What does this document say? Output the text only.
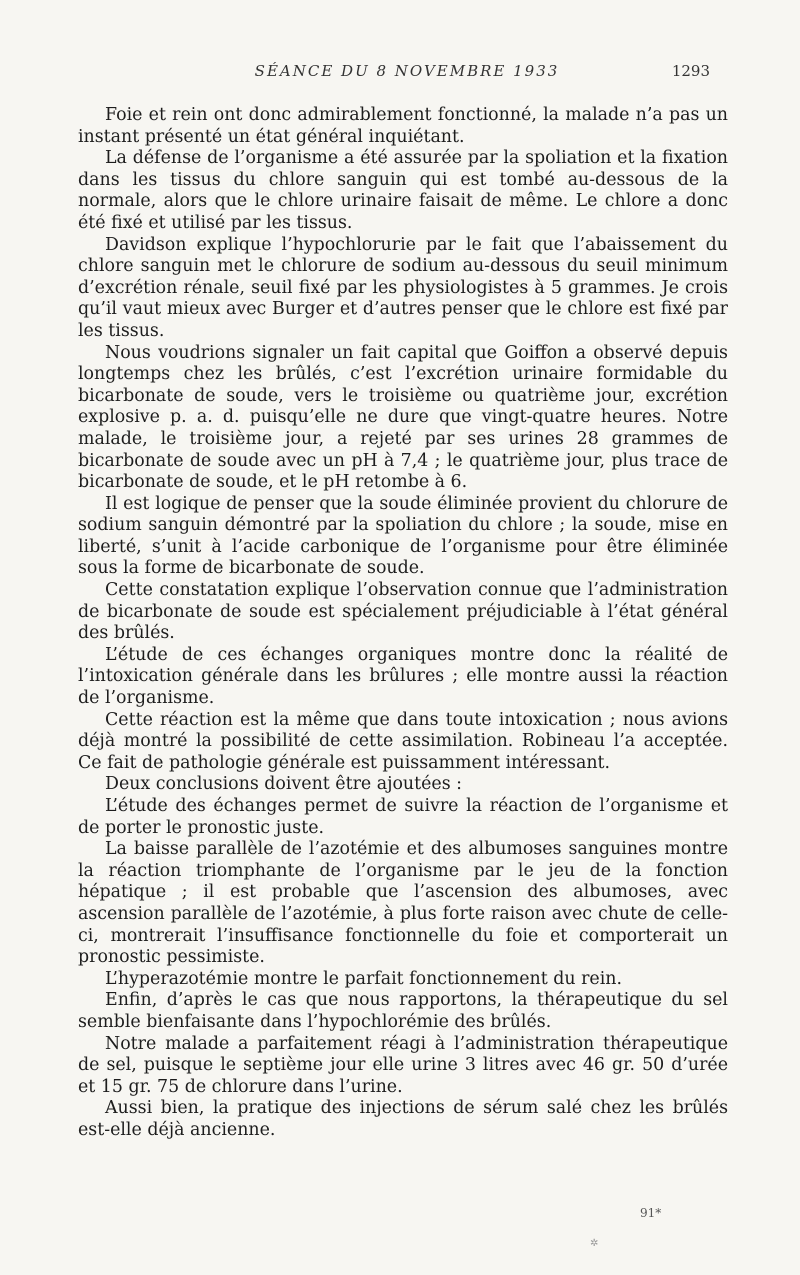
SÉANCE DU 8 NOVEMBRE 1933	1293

Foie et rein ont donc admirablement fonctionné, la malade n’a pas un instant présenté un état général inquiétant.

La défense de l’organisme a été assurée par la spoliation et la fixation dans les tissus du chlore sanguin qui est tombé au-dessous de la normale, alors que le chlore urinaire faisait de même. Le chlore a donc été fixé et utilisé par les tissus.

Davidson explique l’hypochlorurie par le fait que l’abaissement du chlore sanguin met le chlorure de sodium au-dessous du seuil minimum d’excrétion rénale, seuil fixé par les physiologistes à 5 grammes. Je crois qu’il vaut mieux avec Burger et d’autres penser que le chlore est fixé par les tissus.

Nous voudrions signaler un fait capital que Goiffon a observé depuis longtemps chez les brûlés, c’est l’excrétion urinaire formidable du bicarbonate de soude, vers le troisième ou quatrième jour, excrétion explosive p. a. d. puisqu’elle ne dure que vingt-quatre heures. Notre malade, le troisième jour, a rejeté par ses urines 28 grammes de bicarbonate de soude avec un pH à 7,4 ; le quatrième jour, plus trace de bicarbonate de soude, et le pH retombe à 6.

Il est logique de penser que la soude éliminée provient du chlorure de sodium sanguin démontré par la spoliation du chlore ; la soude, mise en liberté, s’unit à l’acide carbonique de l’organisme pour être éliminée sous la forme de bicarbonate de soude.

Cette constatation explique l’observation connue que l’administration de bicarbonate de soude est spécialement préjudiciable à l’état général des brûlés.

L’étude de ces échanges organiques montre donc la réalité de l’intoxication générale dans les brûlures ; elle montre aussi la réaction de l’organisme.

Cette réaction est la même que dans toute intoxication ; nous avions déjà montré la possibilité de cette assimilation. Robineau l’a acceptée. Ce fait de pathologie générale est puissamment intéressant.

Deux conclusions doivent être ajoutées :

L’étude des échanges permet de suivre la réaction de l’organisme et de porter le pronostic juste.

La baisse parallèle de l’azotémie et des albumoses sanguines montre la réaction triomphante de l’organisme par le jeu de la fonction hépatique ; il est probable que l’ascension des albumoses, avec ascension parallèle de l’azotémie, à plus forte raison avec chute de celle-ci, montrerait l’insuffisance fonctionnelle du foie et comporterait un pronostic pessimiste.

L’hyperazotémie montre le parfait fonctionnement du rein.

Enfin, d’après le cas que nous rapportons, la thérapeutique du sel semble bienfaisante dans l’hypochlorémie des brûlés.

Notre malade a parfaitement réagi à l’administration thérapeutique de sel, puisque le septième jour elle urine 3 litres avec 46 gr. 50 d’urée et 15 gr. 75 de chlorure dans l’urine.

Aussi bien, la pratique des injections de sérum salé chez les brûlés est-elle déjà ancienne.

91*
✲
